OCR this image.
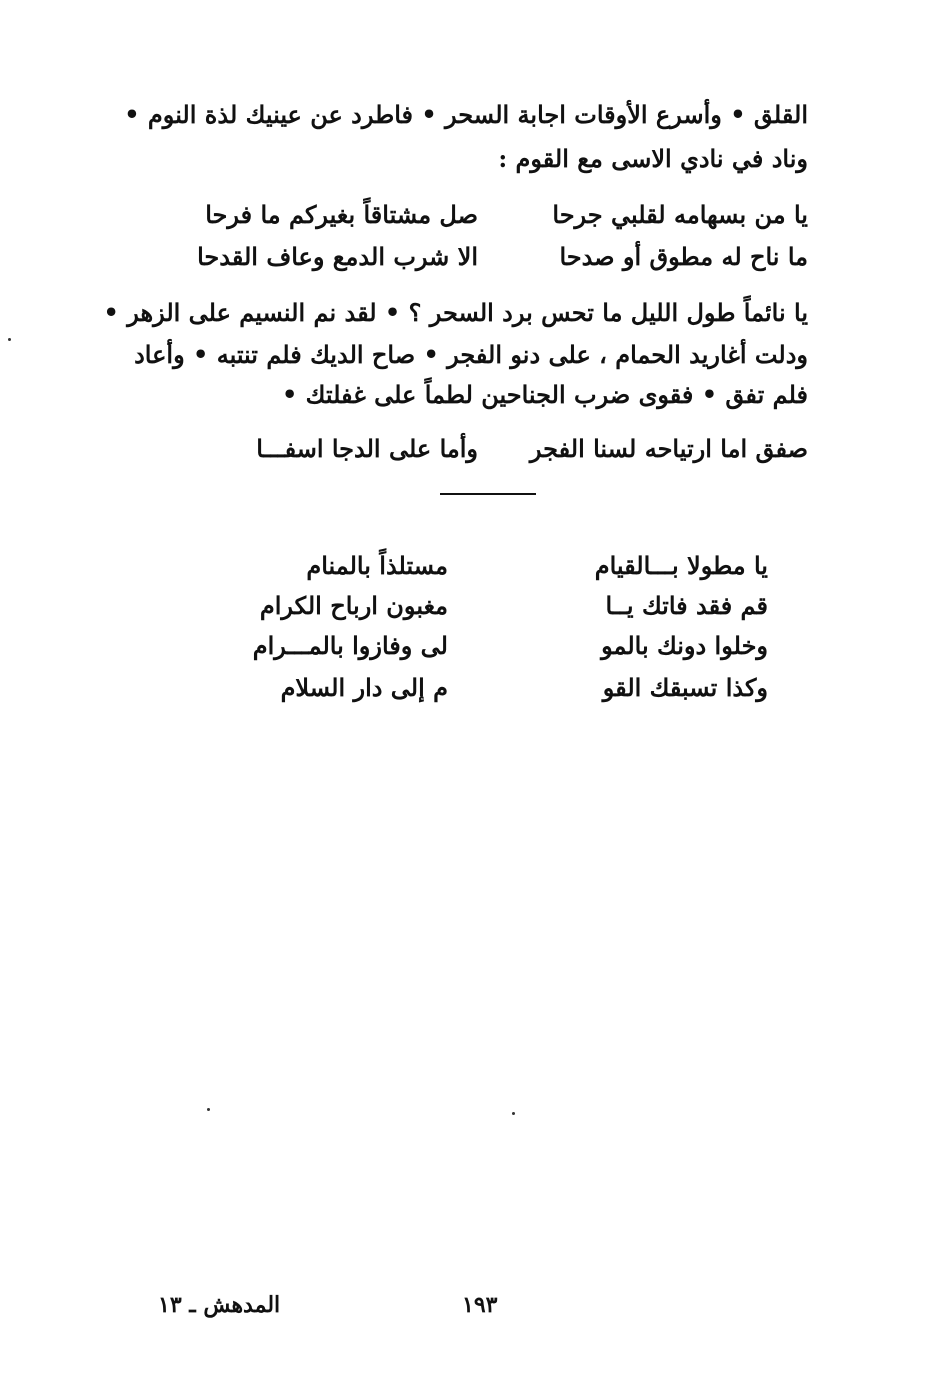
القلق • وأسرع الأوقات اجابة السحر • فاطرد عن عينيك لذة النوم •
وناد في نادي الاسى مع القوم :
يا من بسهامه لقلبي جرحا
صل مشتاقاً بغيركم ما فرحا
ما ناح له مطوق أو صدحا
الا شرب الدمع وعاف القدحا
يا نائماً طول الليل ما تحس برد السحر ؟ • لقد نم النسيم على الزهر •
ودلت أغاريد الحمام ، على دنو الفجر • صاح الديك فلم تنتبه • وأعاد
فلم تفق • فقوى ضرب الجناحين لطماً على غفلتك •
صفق اما ارتياحه لسنا الفجر
وأما على الدجا اسفـــا
يا مطولا بـــالقيام
مستلذاً بالمنام
قم فقد فاتك يــا
مغبون ارباح الكرام
وخلوا دونك بالمو
لى وفازوا بالمـــرام
وكذا تسبقك القو
م إلى دار السلام
١٩٣
المدهش ـ ١٣
